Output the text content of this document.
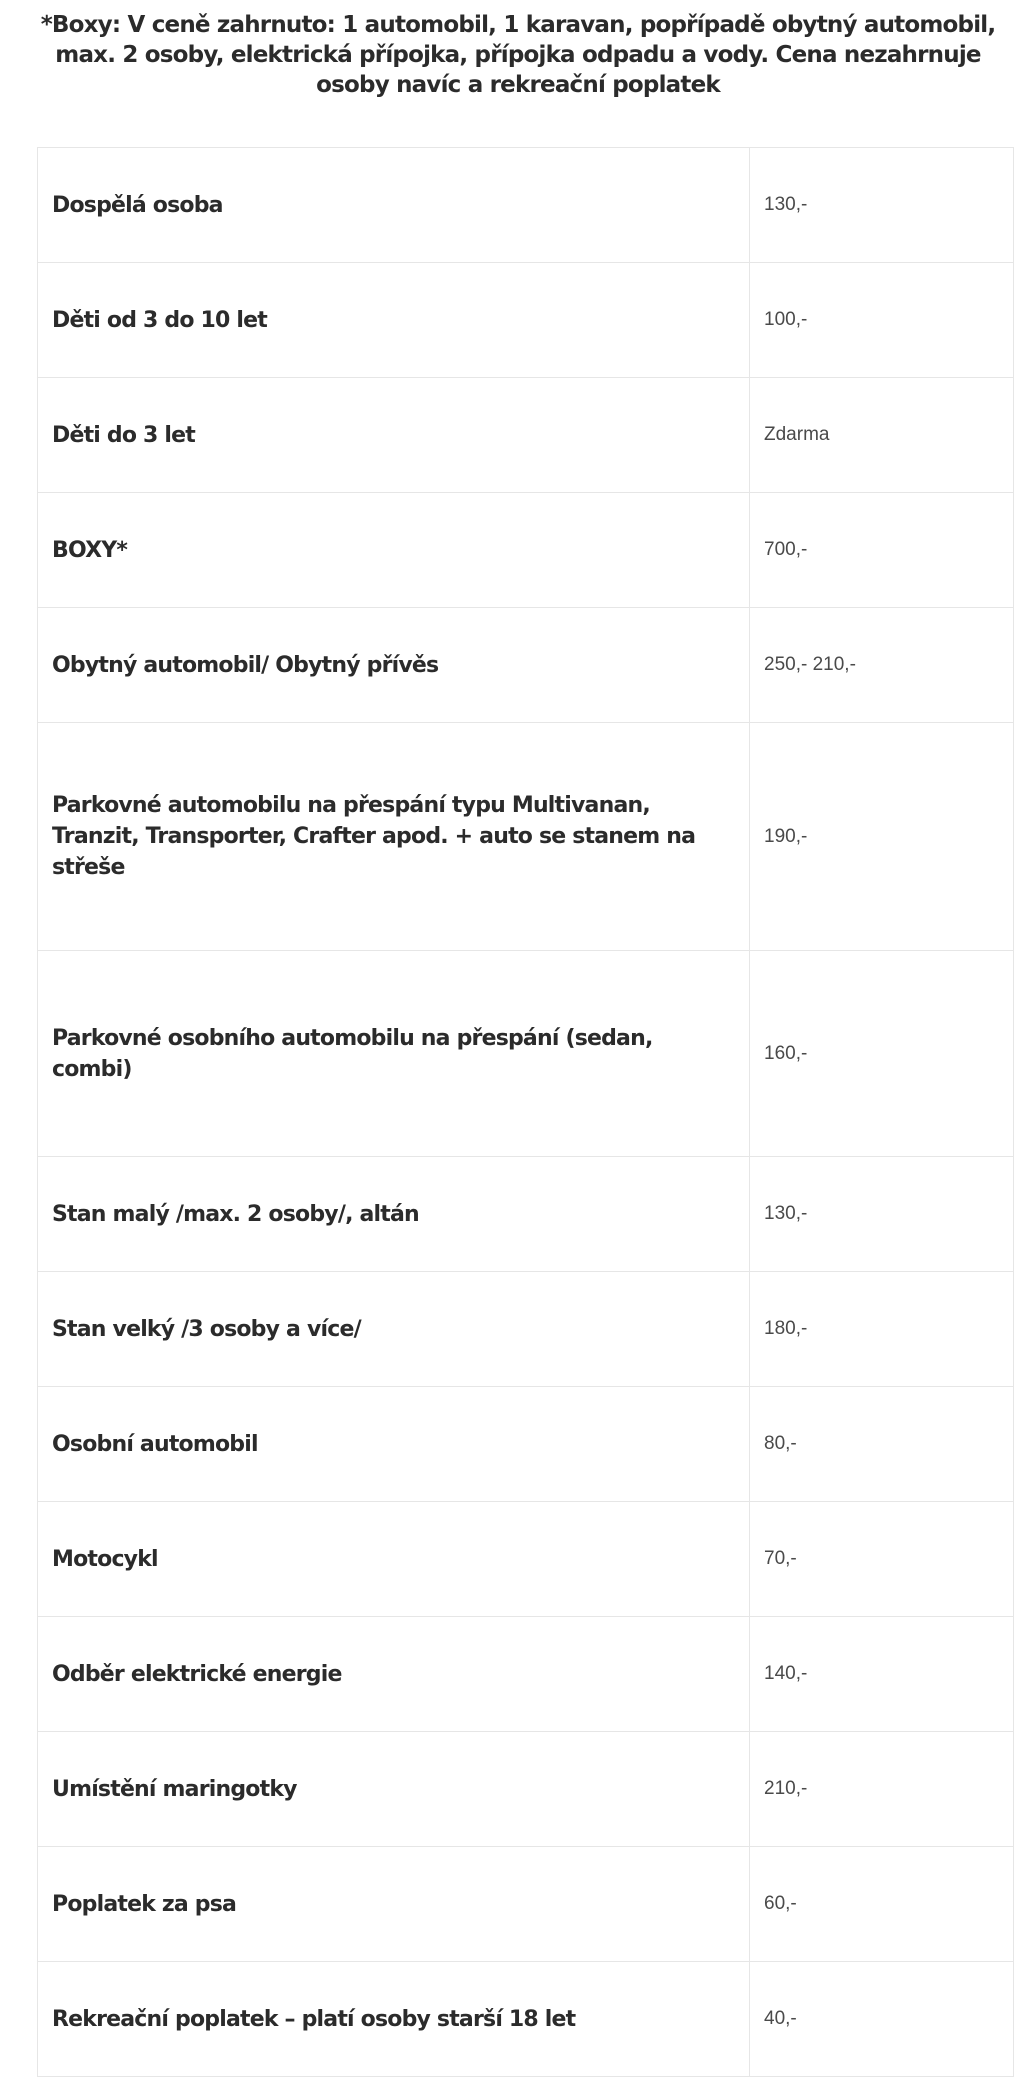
*Boxy: V ceně zahrnuto: 1 automobil, 1 karavan, popřípadě obytný automobil, max. 2 osoby, elektrická přípojka, přípojka odpadu a vody. Cena nezahrnuje osoby navíc a rekreační poplatek

Dospělá osoba	130,-
Děti od 3 do 10 let	100,-
Děti do 3 let	Zdarma
BOXY*	700,-
Obytný automobil/ Obytný přívěs	250,- 210,-
Parkovné automobilu na přespání typu Multivanan, Tranzit, Transporter, Crafter apod. + auto se stanem na střeše	190,-
Parkovné osobního automobilu na přespání (sedan, combi)	160,-
Stan malý /max. 2 osoby/, altán	130,-
Stan velký /3 osoby a více/	180,-
Osobní automobil	80,-
Motocykl	70,-
Odběr elektrické energie	140,-
Umístění maringotky	210,-
Poplatek za psa	60,-
Rekreační poplatek – platí osoby starší 18 let	40,-
